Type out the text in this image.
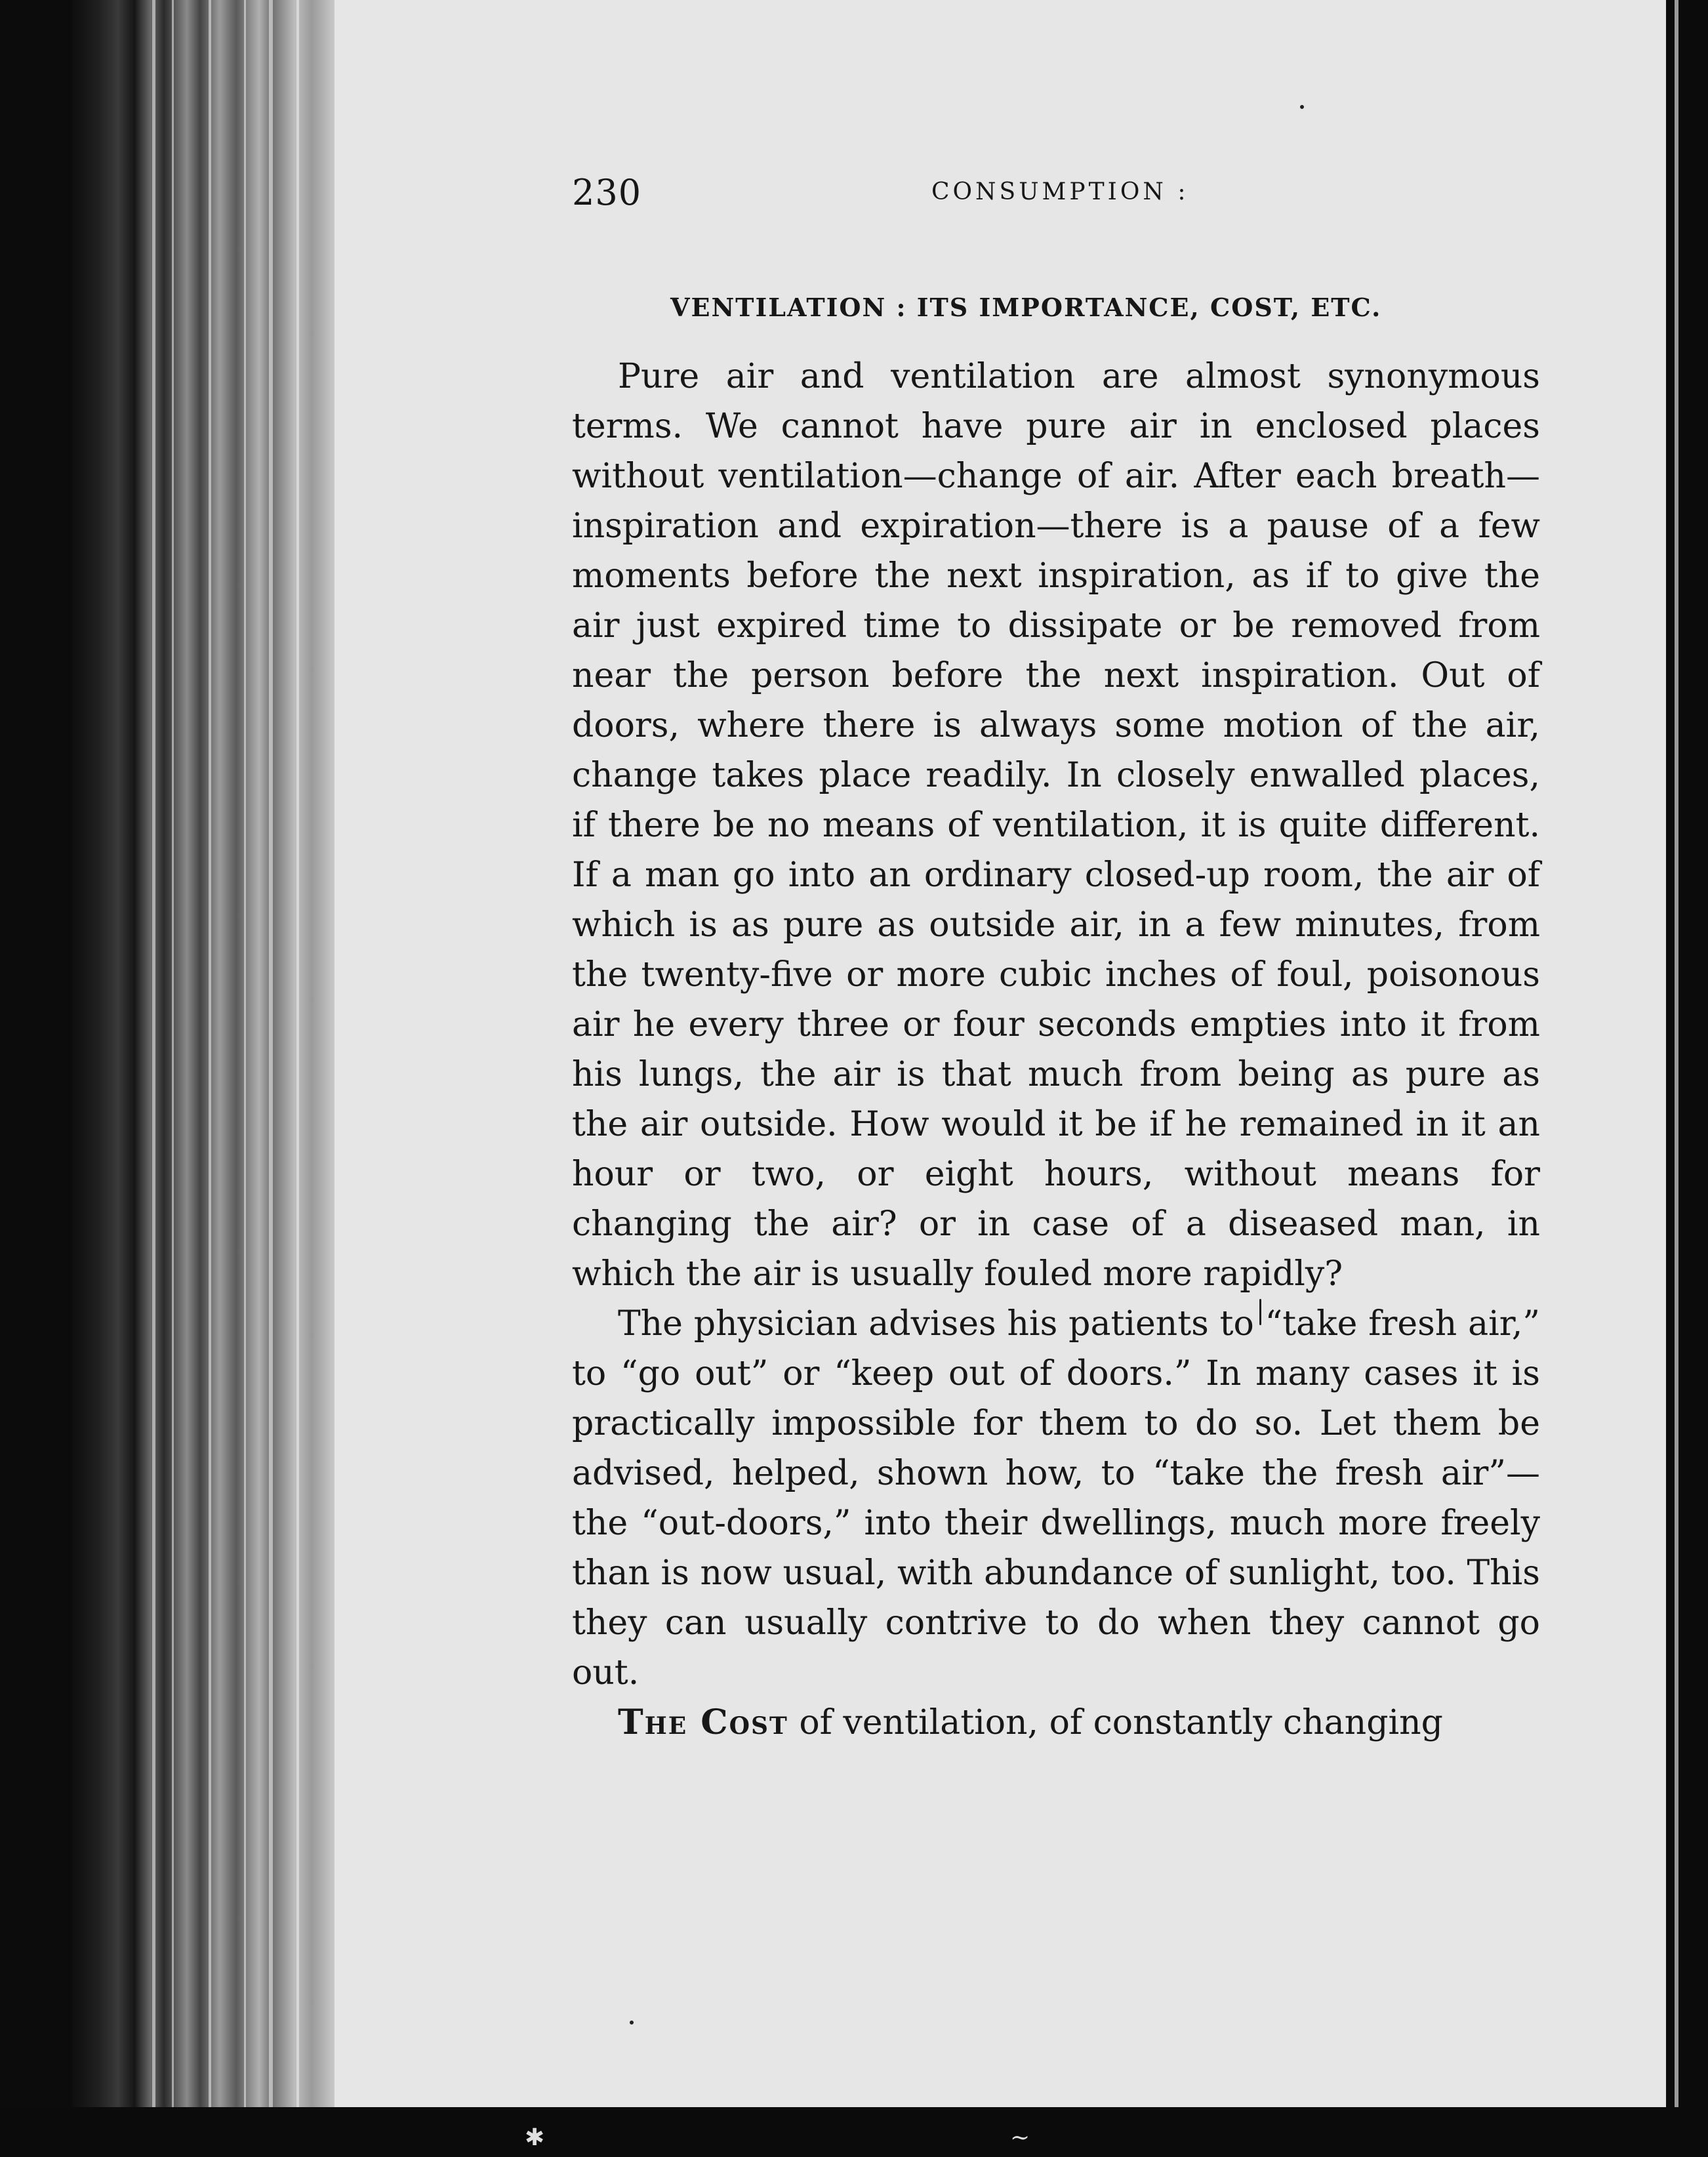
✱	∼
230	CONSUMPTION :
VENTILATION : ITS IMPORTANCE, COST, ETC.

Pure air and ventilation are almost synonymous terms. We cannot have pure air in enclosed places without ventilation—change of air. After each breath—inspiration and expiration—there is a pause of a few moments before the next inspiration, as if to give the air just expired time to dissipate or be removed from near the person before the next inspiration. Out of doors, where there is always some motion of the air, change takes place readily. In closely enwalled places, if there be no means of ventilation, it is quite different. If a man go into an ordinary closed-up room, the air of which is as pure as outside air, in a few minutes, from the twenty-five or more cubic inches of foul, poisonous air he every three or four seconds empties into it from his lungs, the air is that much from being as pure as the air outside. How would it be if he remained in it an hour or two, or eight hours, without means for changing the air? or in case of a diseased man, in which the air is usually fouled more rapidly?

The physician advises his patients to “take fresh air,” to “go out” or “keep out of doors.” In many cases it is practically impossible for them to do so. Let them be advised, helped, shown how, to “take the fresh air”—the “out-doors,” into their dwellings, much more freely than is now usual, with abundance of sunlight, too. This they can usually contrive to do when they cannot go out.

The Cost of ventilation, of constantly changing
